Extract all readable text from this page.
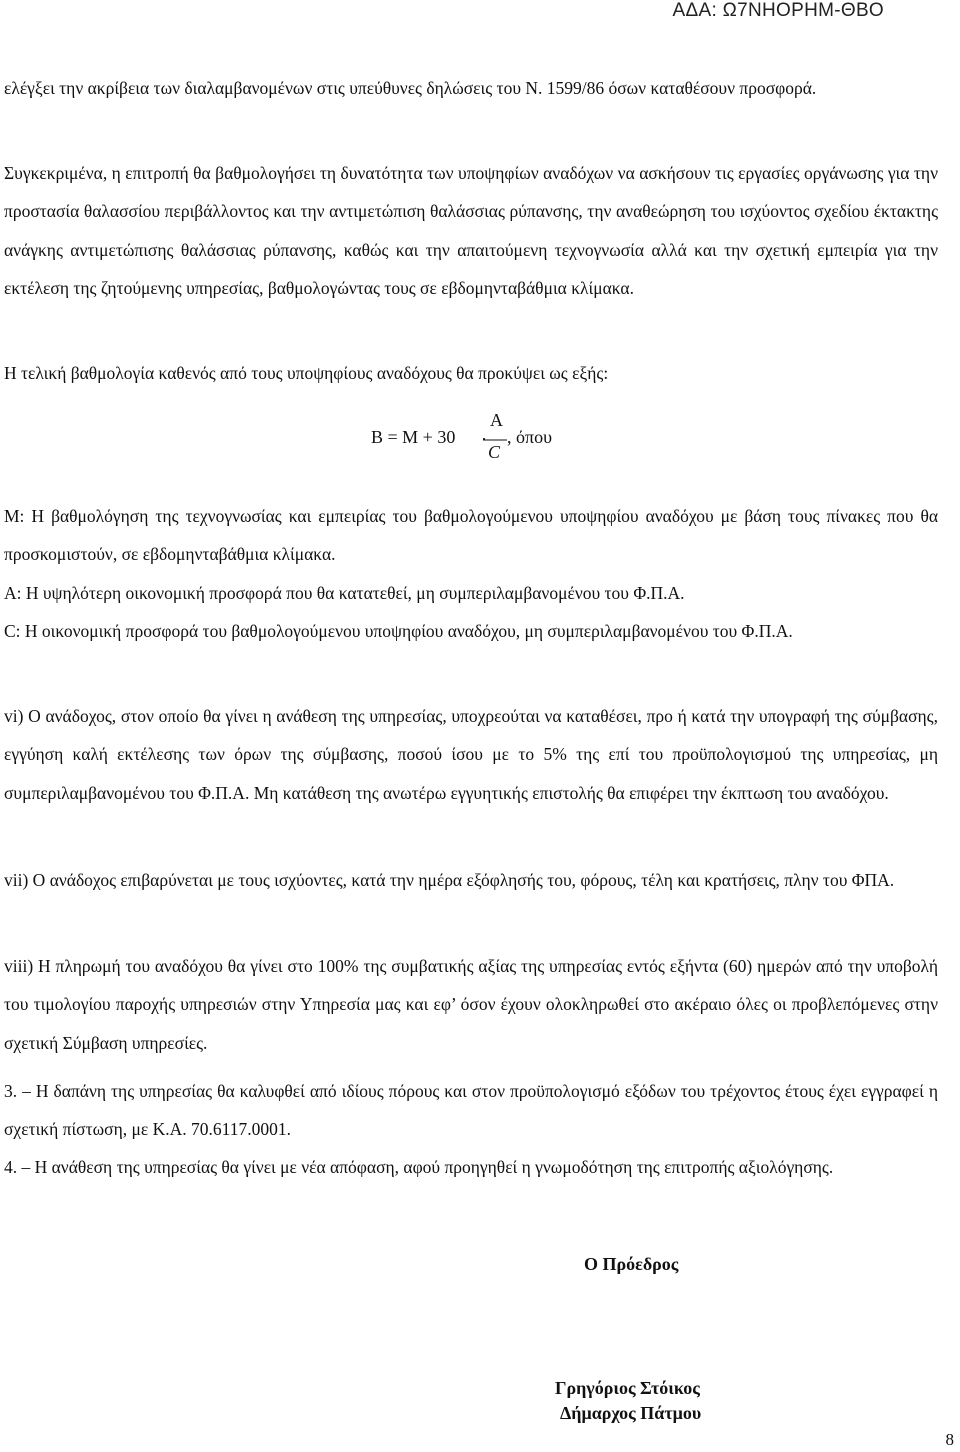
ΑΔΑ: Ω7ΝΗΟΡΗΜ-ΘΒΟ

ελέγξει την ακρίβεια των διαλαμβανομένων στις υπεύθυνες δηλώσεις του Ν. 1599/86 όσων καταθέσουν προσφορά.

Συγκεκριμένα, η επιτροπή θα βαθμολογήσει τη δυνατότητα των υποψηφίων αναδόχων να ασκήσουν τις εργασίες οργάνωσης για την προστασία θαλασσίου περιβάλλοντος και την αντιμετώπιση θαλάσσιας ρύπανσης, την αναθεώρηση του ισχύοντος σχεδίου έκτακτης ανάγκης αντιμετώπισης θαλάσσιας ρύπανσης, καθώς και την απαιτούμενη τεχνογνωσία αλλά και την σχετική εμπειρία για την εκτέλεση της ζητούμενης υπηρεσίας, βαθμολογώντας τους σε εβδομηνταβάθμια κλίμακα.

Η τελική βαθμολογία καθενός από τους υποψηφίους αναδόχους θα προκύψει ως εξής:

Β = Μ + 30 ·
Α
C
, όπου

Μ: Η βαθμολόγηση της τεχνογνωσίας και εμπειρίας του βαθμολογούμενου υποψηφίου αναδόχου με βάση τους πίνακες που θα προσκομιστούν, σε εβδομηνταβάθμια κλίμακα.

Α: Η υψηλότερη οικονομική προσφορά που θα κατατεθεί, μη συμπεριλαμβανομένου του Φ.Π.Α.

C: Η οικονομική προσφορά του βαθμολογούμενου υποψηφίου αναδόχου, μη συμπεριλαμβανομένου του Φ.Π.Α.

vi) Ο ανάδοχος, στον οποίο θα γίνει η ανάθεση της υπηρεσίας, υποχρεούται να καταθέσει, προ ή κατά την υπογραφή της σύμβασης, εγγύηση καλή εκτέλεσης των όρων της σύμβασης, ποσού ίσου με το 5% της επί του προϋπολογισμού της υπηρεσίας, μη συμπεριλαμβανομένου του Φ.Π.Α. Μη κατάθεση της ανωτέρω εγγυητικής επιστολής θα επιφέρει την έκπτωση του αναδόχου.

vii) Ο ανάδοχος επιβαρύνεται με τους ισχύοντες, κατά την ημέρα εξόφλησής του, φόρους, τέλη και κρατήσεις, πλην του ΦΠΑ.

viii) Η πληρωμή του αναδόχου θα γίνει στο 100% της συμβατικής αξίας της υπηρεσίας εντός εξήντα (60) ημερών από την υποβολή του τιμολογίου παροχής υπηρεσιών στην Υπηρεσία μας και εφ’ όσον έχουν ολοκληρωθεί στο ακέραιο όλες οι προβλεπόμενες στην σχετική Σύμβαση υπηρεσίες.

3. – Η δαπάνη της υπηρεσίας θα καλυφθεί από ιδίους πόρους και στον προϋπολογισμό εξόδων του τρέχοντος έτους έχει εγγραφεί η σχετική πίστωση, με Κ.Α. 70.6117.0001.

4. – Η ανάθεση της υπηρεσίας θα γίνει με νέα απόφαση, αφού προηγηθεί η γνωμοδότηση της επιτροπής αξιολόγησης.

Ο Πρόεδρος
Γρηγόριος Στόικος
Δήμαρχος Πάτμου
8
